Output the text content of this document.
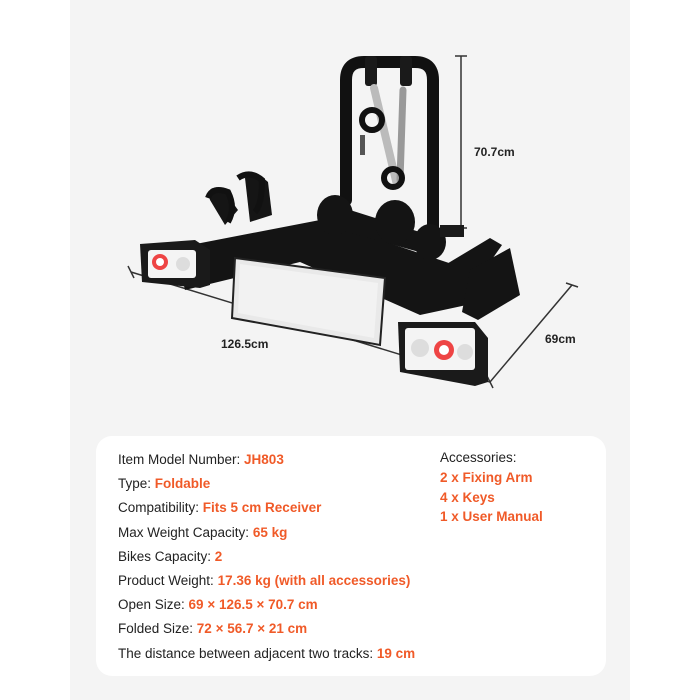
70.7cm
126.5cm	69cm
Item Model Number: JH803
Type: Foldable
Compatibility: Fits 5 cm Receiver
Max Weight Capacity: 65 kg
Bikes Capacity: 2
Product Weight: 17.36 kg (with all accessories)
Open Size: 69 × 126.5 × 70.7 cm
Folded Size: 72 × 56.7 × 21 cm
The distance between adjacent two tracks: 19 cm
Accessories:
2 x Fixing Arm
4 x Keys
1 x User Manual
